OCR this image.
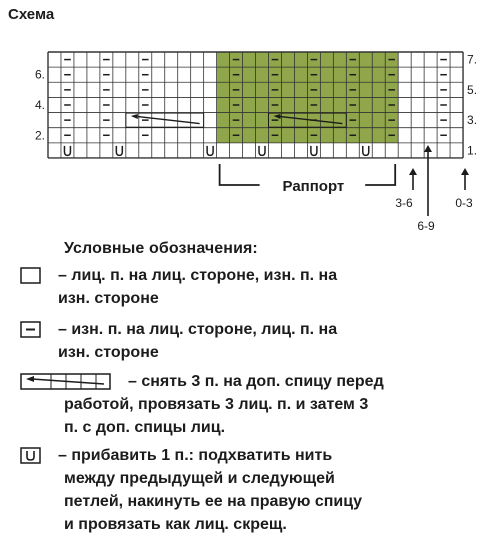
Схема
6.
4.
2.
7.
5.
3.
1.
Раппорт
3-6
6-9
0-3
Условные обозначения:
– лиц. п. на лиц. стороне, изн. п. на
изн. стороне
– изн. п. на лиц. стороне, лиц. п. на
изн. стороне
– снять 3 п. на доп. спицу перед
работой, провязать 3 лиц. п. и затем 3
п. с доп. спицы лиц.
– прибавить 1 п.: подхватить нить
между предыдущей и следующей
петлей, накинуть ее на правую спицу
и провязать как лиц. скрещ.
